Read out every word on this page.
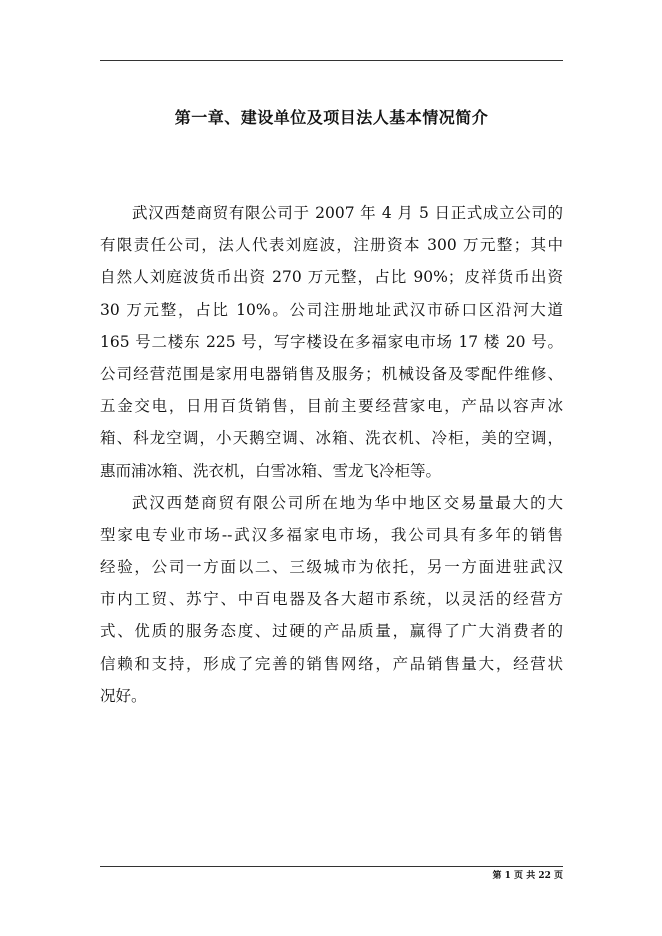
第一章、建设单位及项目法人基本情况简介
武汉西楚商贸有限公司于 2007 年 4 月 5 日正式成立公司的
有限责任公司，法人代表刘庭波，注册资本 300 万元整；其中
自然人刘庭波货币出资 270 万元整，占比 90%；皮祥货币出资
30 万元整，占比 10%。公司注册地址武汉市硚口区沿河大道
165 号二楼东 225 号，写字楼设在多福家电市场 17 楼 20 号。
公司经营范围是家用电器销售及服务；机械设备及零配件维修、
五金交电，日用百货销售，目前主要经营家电，产品以容声冰
箱、科龙空调，小天鹅空调、冰箱、洗衣机、冷柜，美的空调，
惠而浦冰箱、洗衣机，白雪冰箱、雪龙飞冷柜等。
武汉西楚商贸有限公司所在地为华中地区交易量最大的大
型家电专业市场--武汉多福家电市场，我公司具有多年的销售
经验，公司一方面以二、三级城市为依托，另一方面进驻武汉
市内工贸、苏宁、中百电器及各大超市系统，以灵活的经营方
式、优质的服务态度、过硬的产品质量，赢得了广大消费者的
信赖和支持，形成了完善的销售网络，产品销售量大，经营状
况好。
第 1 页 共 22 页
